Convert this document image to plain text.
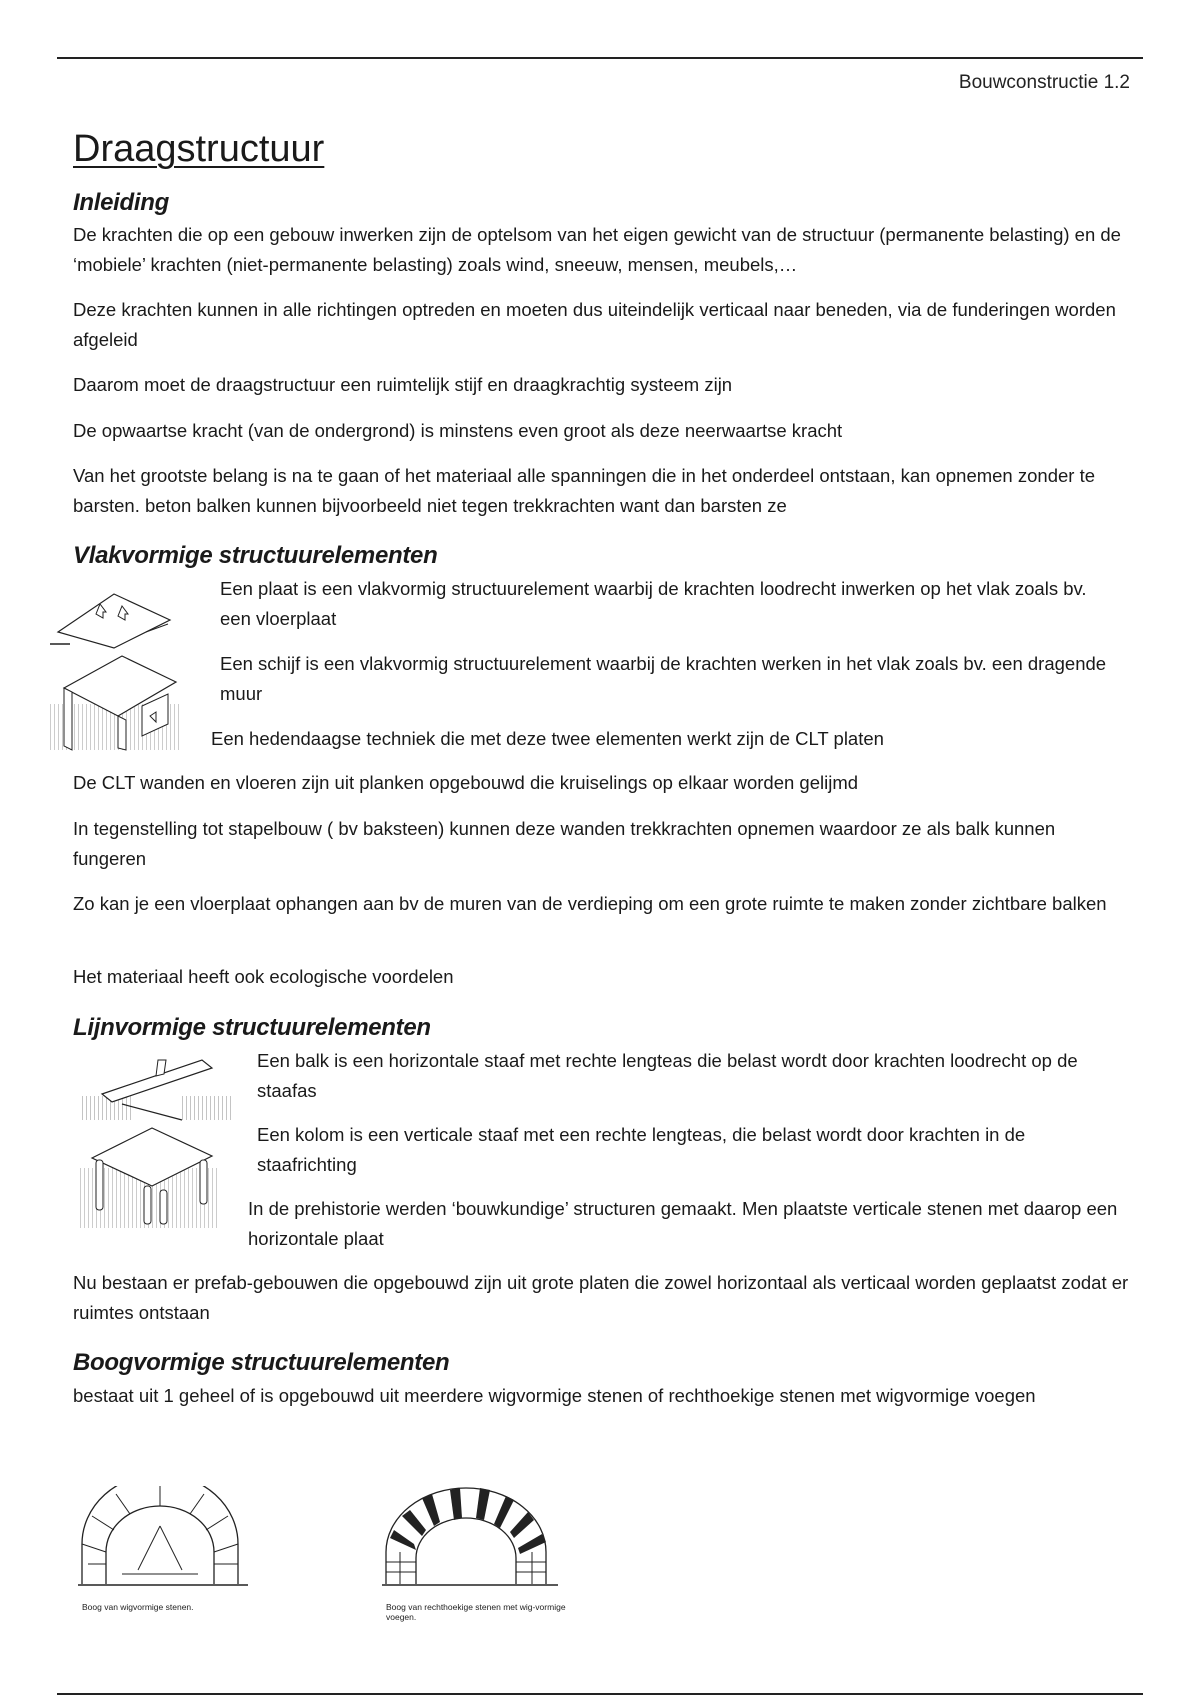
Bouwconstructie 1.2
Draagstructuur
Inleiding

De krachten die op een gebouw inwerken zijn de optelsom van het eigen gewicht van de structuur (permanente belasting) en de ‘mobiele’ krachten (niet-permanente belasting) zoals wind, sneeuw, mensen, meubels,…

Deze krachten kunnen in alle richtingen optreden en moeten dus uiteindelijk verticaal naar beneden, via de funderingen worden afgeleid

Daarom moet de draagstructuur een ruimtelijk stijf en draagkrachtig systeem zijn

De opwaartse kracht (van de ondergrond) is minstens even groot als deze neerwaartse kracht

Van het grootste belang is na te gaan of het materiaal alle spanningen die in het onderdeel ontstaan, kan opnemen zonder te barsten. beton balken kunnen bijvoorbeeld niet tegen trekkrachten want dan barsten ze

Vlakvormige structuurelementen

Een plaat is een vlakvormig structuurelement waarbij de krachten loodrecht inwerken op het vlak zoals bv. een vloerplaat

Een schijf is een vlakvormig structuurelement waarbij de krachten werken in het vlak zoals bv. een dragende muur

Een hedendaagse techniek die met deze twee elementen werkt zijn de CLT platen

De CLT wanden en vloeren zijn uit planken opgebouwd die kruiselings op elkaar worden gelijmd

In tegenstelling tot stapelbouw ( bv baksteen) kunnen deze wanden trekkrachten opnemen waardoor ze als balk kunnen fungeren

Zo kan je een vloerplaat ophangen aan bv de muren van de verdieping om een grote ruimte te maken zonder zichtbare balken

Het materiaal heeft ook ecologische voordelen

Lijnvormige structuurelementen

Een balk is een horizontale staaf met rechte lengteas die belast wordt door krachten loodrecht op de staafas

Een kolom is een verticale staaf met een rechte lengteas, die belast wordt door krachten in de staafrichting

In de prehistorie werden ‘bouwkundige’ structuren gemaakt. Men plaatste verticale stenen met daarop een horizontale plaat

Nu bestaan er prefab-gebouwen die opgebouwd zijn uit grote platen die zowel horizontaal als verticaal worden geplaatst zodat er ruimtes ontstaan

Boogvormige structuurelementen

bestaat uit 1 geheel of is opgebouwd uit meerdere wigvormige stenen of rechthoekige stenen met wigvormige voegen

Boog van wigvormige stenen.	Boog van rechthoekige stenen met wig-vormige voegen.
